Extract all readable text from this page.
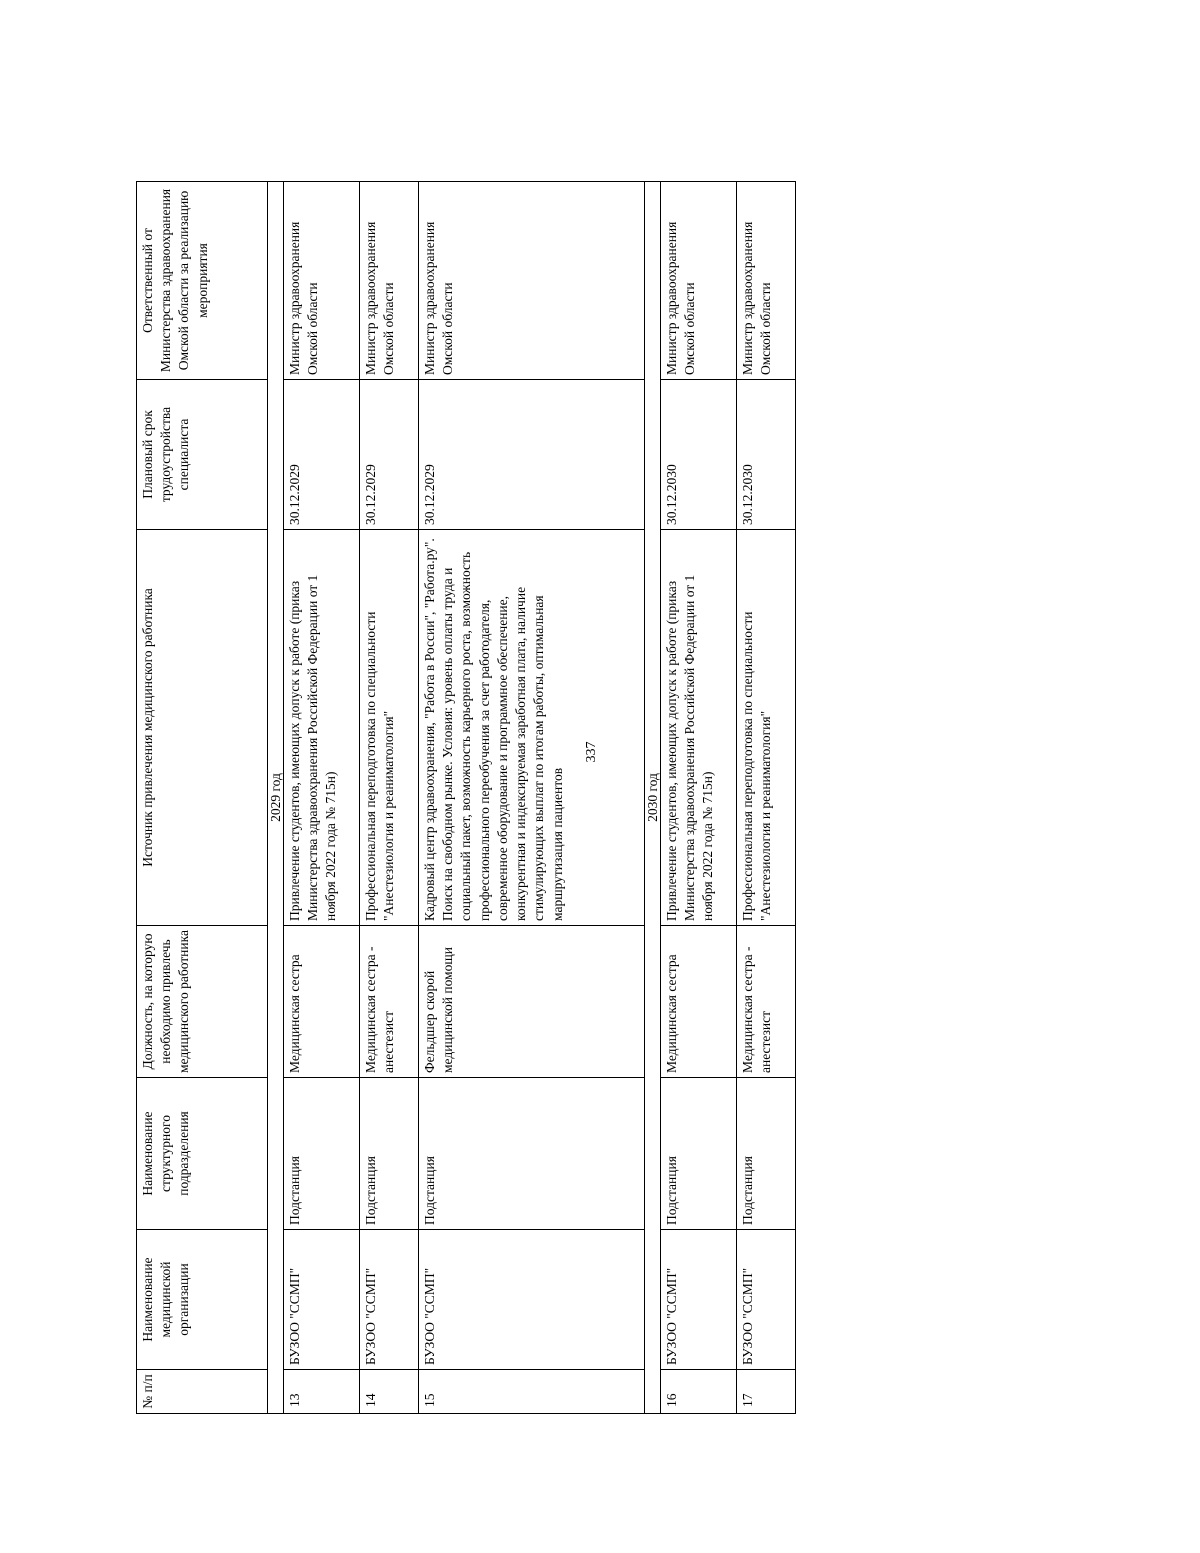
337
№ п/п	Наименование медицинской организации	Наименование структурного подразделения	Должность, на которую необходимо привлечь медицинского работника	Источник привлечения медицинского работника	Плановый срок трудоустройства специалиста	Ответственный от Министерства здравоохранения Омской области за реализацию мероприятия
2029 год						
13	БУЗОО "ССМП"	Подстанция	Медицинская сестра	Привлечение студентов, имеющих допуск к работе (приказ Министерства здравоохранения Российской Федерации от 1 ноября 2022 года № 715н)	30.12.2029	Министр здравоохранения Омской области
14	БУЗОО "ССМП"	Подстанция	Медицинская сестра - анестезист	Профессиональная переподготовка по специальности "Анестезиология и реаниматология"	30.12.2029	Министр здравоохранения Омской области
15	БУЗОО "ССМП"	Подстанция	Фельдшер скорой медицинской помощи	Кадровый центр здравоохранения, "Работа в России", "Работа.ру". Поиск на свободном рынке. Условия: уровень оплаты труда и социальный пакет, возможность карьерного роста, возможность профессионального переобучения за счет работодателя, современное оборудование и программное обеспечение, конкурентная и индексируемая заработная плата, наличие стимулирующих выплат по итогам работы, оптимальная маршрутизация пациентов	30.12.2029	Министр здравоохранения Омской области
2030 год						
16	БУЗОО "ССМП"	Подстанция	Медицинская сестра	Привлечение студентов, имеющих допуск к работе (приказ Министерства здравоохранения Российской Федерации от 1 ноября 2022 года № 715н)	30.12.2030	Министр здравоохранения Омской области
17	БУЗОО "ССМП"	Подстанция	Медицинская сестра - анестезист	Профессиональная переподготовка по специальности "Анестезиология и реаниматология"	30.12.2030	Министр здравоохранения Омской области
